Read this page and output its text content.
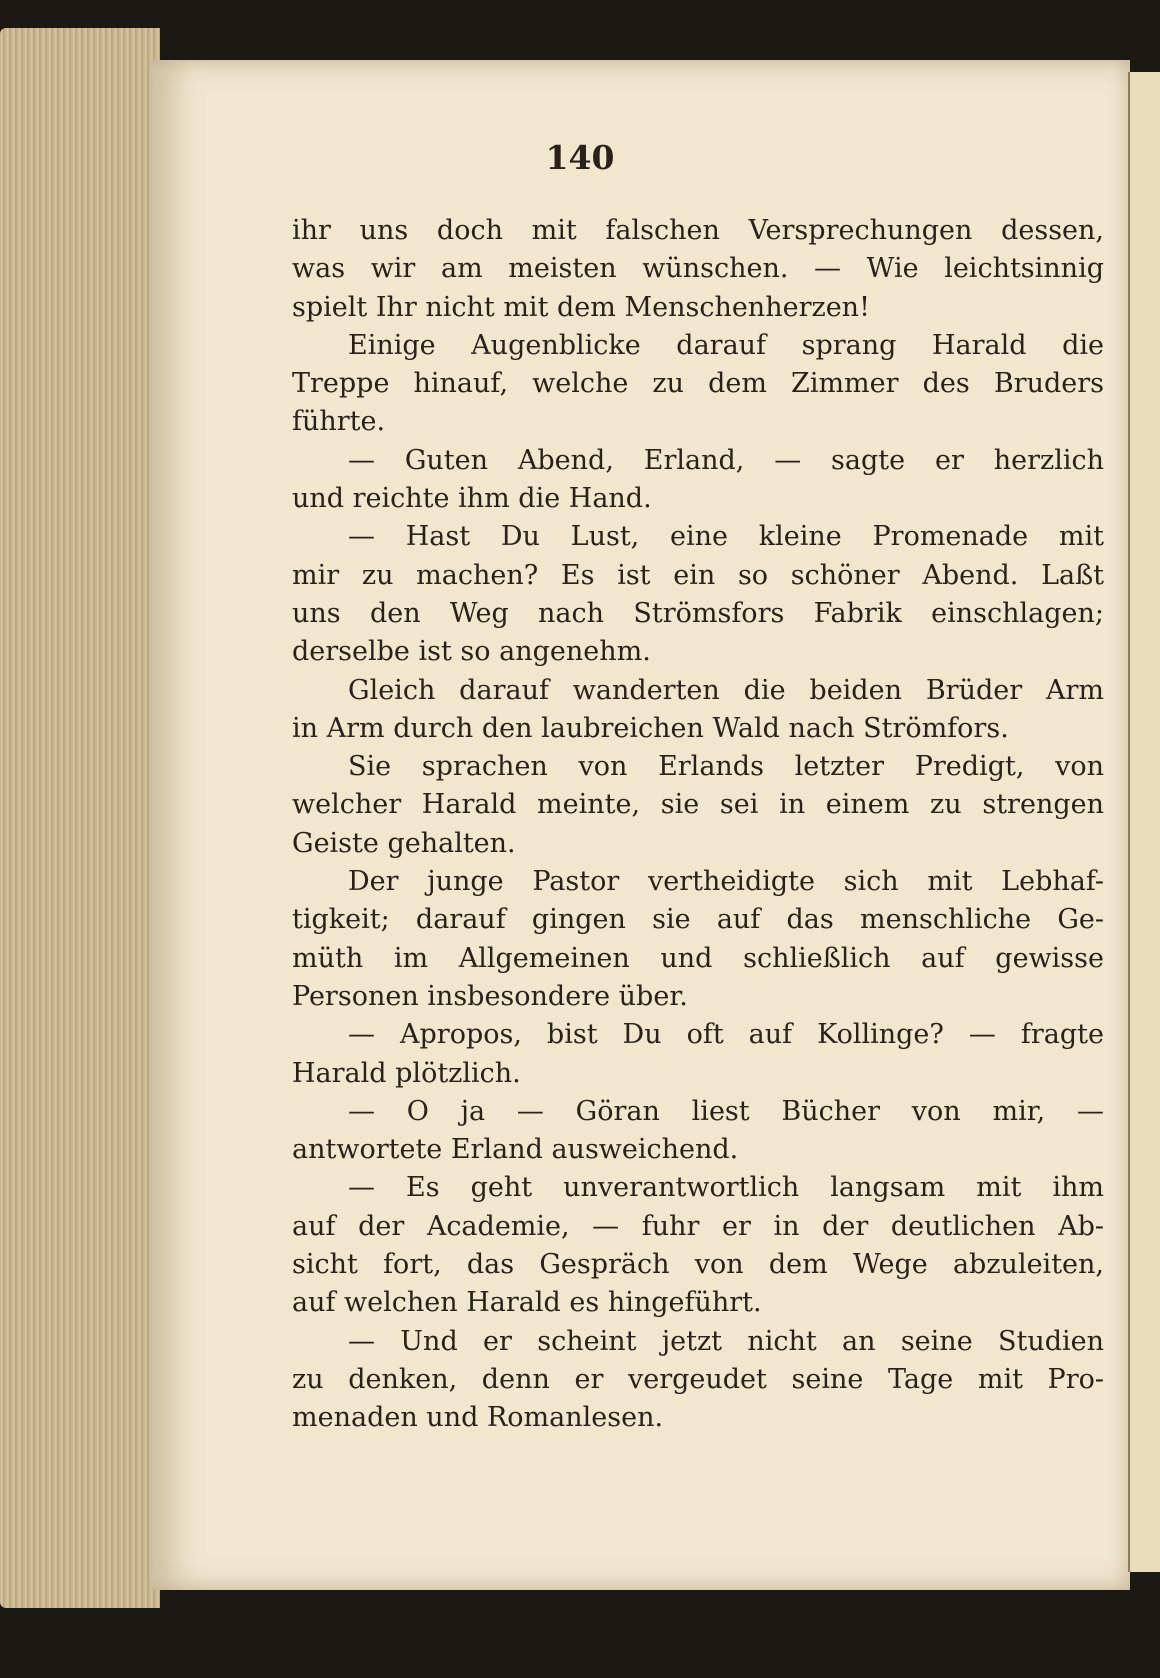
140
ihr uns doch mit falschen Versprechungen dessen,
was wir am meisten wünschen. — Wie leichtsinnig
spielt Ihr nicht mit dem Menschenherzen!
Einige Augenblicke darauf sprang Harald die
Treppe hinauf, welche zu dem Zimmer des Bruders
führte.
— Guten Abend, Erland, — sagte er herzlich
und reichte ihm die Hand.
— Hast Du Lust, eine kleine Promenade mit
mir zu machen? Es ist ein so schöner Abend. Laßt
uns den Weg nach Strömsfors Fabrik einschlagen;
derselbe ist so angenehm.
Gleich darauf wanderten die beiden Brüder Arm
in Arm durch den laubreichen Wald nach Strömfors.
Sie sprachen von Erlands letzter Predigt, von
welcher Harald meinte, sie sei in einem zu strengen
Geiste gehalten.
Der junge Pastor vertheidigte sich mit Lebhaf-
tigkeit; darauf gingen sie auf das menschliche Ge-
müth im Allgemeinen und schließlich auf gewisse
Personen insbesondere über.
— Apropos, bist Du oft auf Kollinge? — fragte
Harald plötzlich.
— O ja — Göran liest Bücher von mir, —
antwortete Erland ausweichend.
— Es geht unverantwortlich langsam mit ihm
auf der Academie, — fuhr er in der deutlichen Ab-
sicht fort, das Gespräch von dem Wege abzuleiten,
auf welchen Harald es hingeführt.
— Und er scheint jetzt nicht an seine Studien
zu denken, denn er vergeudet seine Tage mit Pro-
menaden und Romanlesen.
